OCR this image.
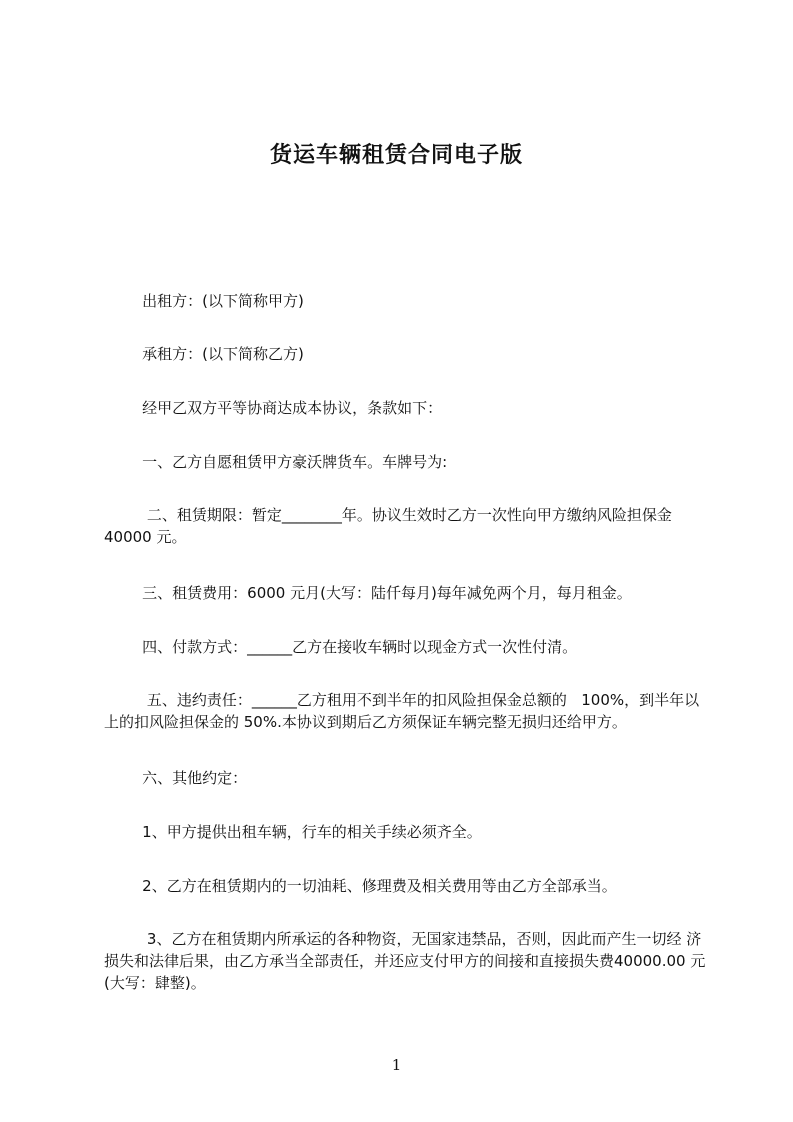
货运车辆租赁合同电子版
出租方：(以下简称甲方)
承租方：(以下简称乙方)
经甲乙双方平等协商达成本协议，条款如下：
一、乙方自愿租赁甲方豪沃牌货车。车牌号为:
二、租赁期限：暂定________年。协议生效时乙方一次性向甲方缴纳风险担保金40000 元。
三、租赁费用：6000 元月(大写：陆仟每月)每年减免两个月，每月租金。
四、付款方式：______乙方在接收车辆时以现金方式一次性付清。
五、违约责任：______乙方租用不到半年的扣风险担保金总额的   100%，到半年以上的扣风险担保金的 50%.本协议到期后乙方须保证车辆完整无损归还给甲方。
六、其他约定：
1、甲方提供出租车辆，行车的相关手续必须齐全。
2、乙方在租赁期内的一切油耗、修理费及相关费用等由乙方全部承当。
3、乙方在租赁期内所承运的各种物资，无国家违禁品，否则，因此而产生一切经 济损失和法律后果，由乙方承当全部责任，并还应支付甲方的间接和直接损失费40000.00 元(大写：肆整)。
1
